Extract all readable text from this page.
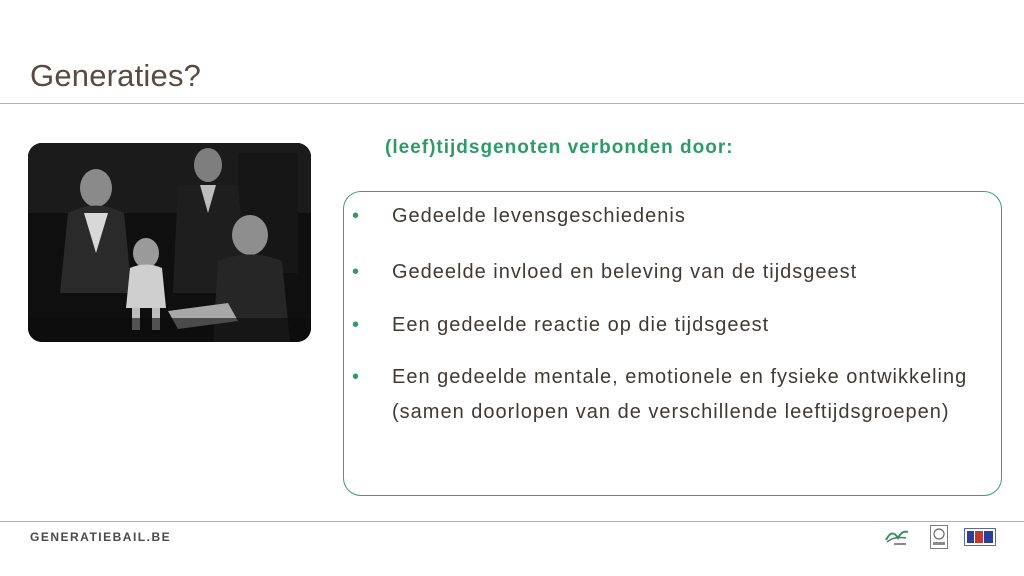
Generaties?
(leef)tijdsgenoten verbonden door:
•	Gedeelde levensgeschiedenis
•	Gedeelde invloed en beleving van de tijdsgeest
•	Een gedeelde reactie op die tijdsgeest
•	Een gedeelde mentale, emotionele en fysieke ontwikkeling (samen doorlopen van de verschillende leeftijdsgroepen)
GENERATIEBAIL.BE
